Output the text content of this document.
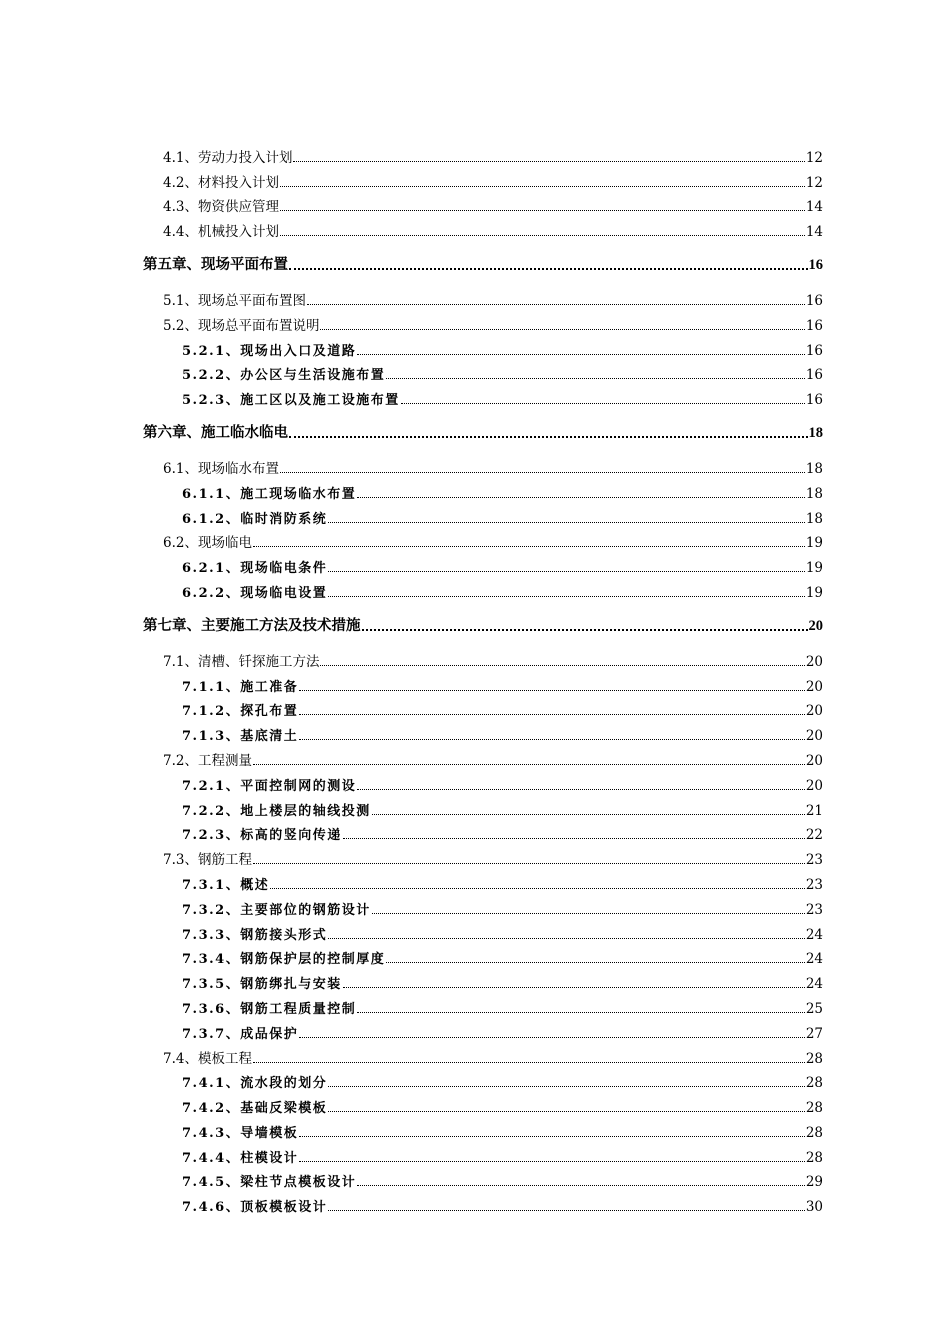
4.1、劳动力投入计划	12
4.2、材料投入计划	12
4.3、物资供应管理	14
4.4、机械投入计划	14
第五章、现场平面布置	16
5.1、现场总平面布置图	16
5.2、现场总平面布置说明	16
5.2.1、现场出入口及道路	16
5.2.2、办公区与生活设施布置	16
5.2.3、施工区以及施工设施布置	16
第六章、施工临水临电	18
6.1、现场临水布置	18
6.1.1、施工现场临水布置	18
6.1.2、临时消防系统	18
6.2、现场临电	19
6.2.1、现场临电条件	19
6.2.2、现场临电设置	19
第七章、主要施工方法及技术措施	20
7.1、清槽、钎探施工方法	20
7.1.1、施工准备	20
7.1.2、探孔布置	20
7.1.3、基底清土	20
7.2、工程测量	20
7.2.1、平面控制网的测设	20
7.2.2、地上楼层的轴线投测	21
7.2.3、标高的竖向传递	22
7.3、钢筋工程	23
7.3.1、概述	23
7.3.2、主要部位的钢筋设计	23
7.3.3、钢筋接头形式	24
7.3.4、钢筋保护层的控制厚度	24
7.3.5、钢筋绑扎与安装	24
7.3.6、钢筋工程质量控制	25
7.3.7、成品保护	27
7.4、模板工程	28
7.4.1、流水段的划分	28
7.4.2、基础反梁模板	28
7.4.3、导墙模板	28
7.4.4、柱模设计	28
7.4.5、梁柱节点模板设计	29
7.4.6、顶板模板设计	30
